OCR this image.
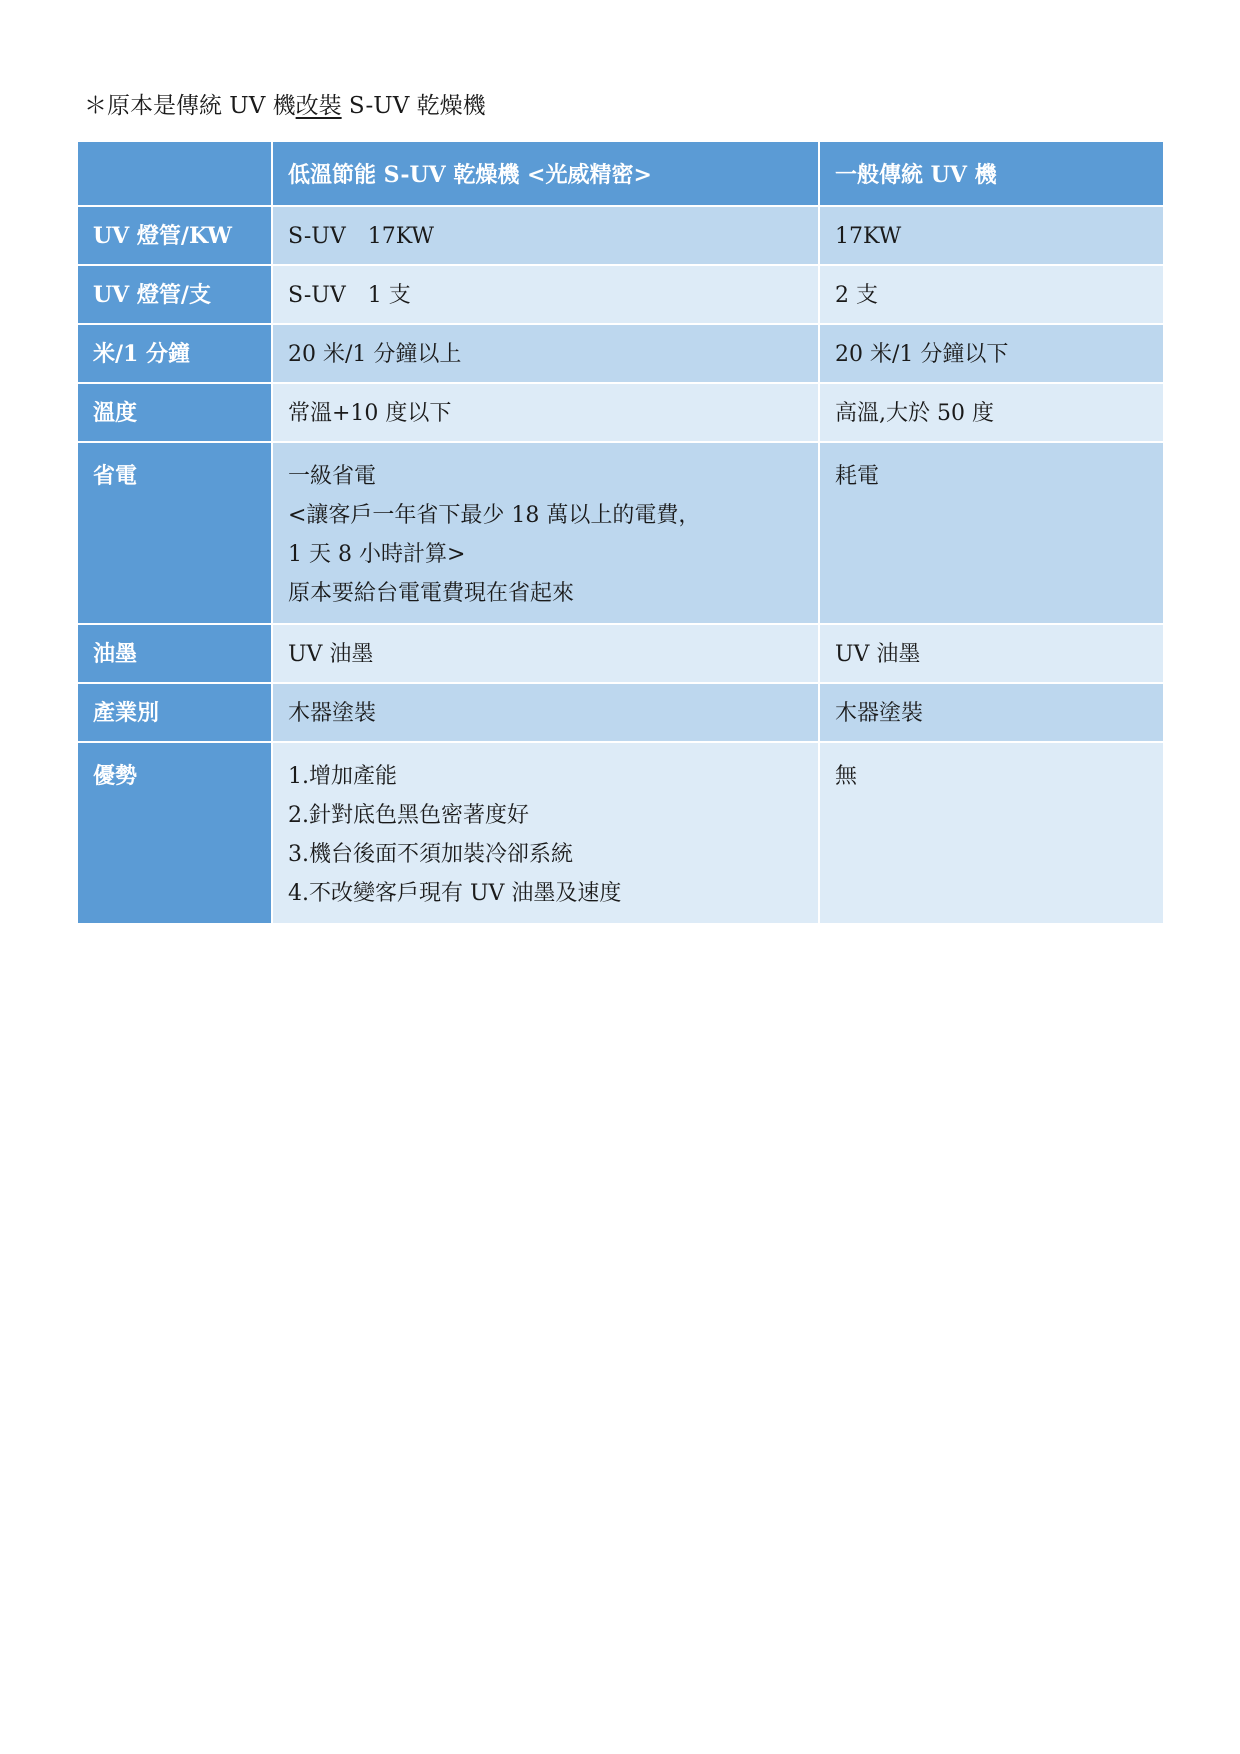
＊原本是傳統 UV 機改裝 S-UV 乾燥機
	低溫節能 S-UV 乾燥機 <光威精密>	一般傳統 UV 機
UV 燈管/KW	S-UV　17KW	17KW

UV 燈管/支	S-UV　1 支	2 支

米/1 分鐘	20 米/1 分鐘以上	20 米/1 分鐘以下

溫度	常溫+10 度以下	高溫,大於 50 度

省電	一級省電
<讓客戶一年省下最少 18 萬以上的電費，
1 天 8 小時計算>
原本要給台電電費現在省起來	耗電

油墨	UV 油墨	UV 油墨

產業別	木器塗裝	木器塗裝

優勢	1.增加產能
2.針對底色黑色密著度好
3.機台後面不須加裝冷卻系統
4.不改變客戶現有 UV 油墨及速度	無
